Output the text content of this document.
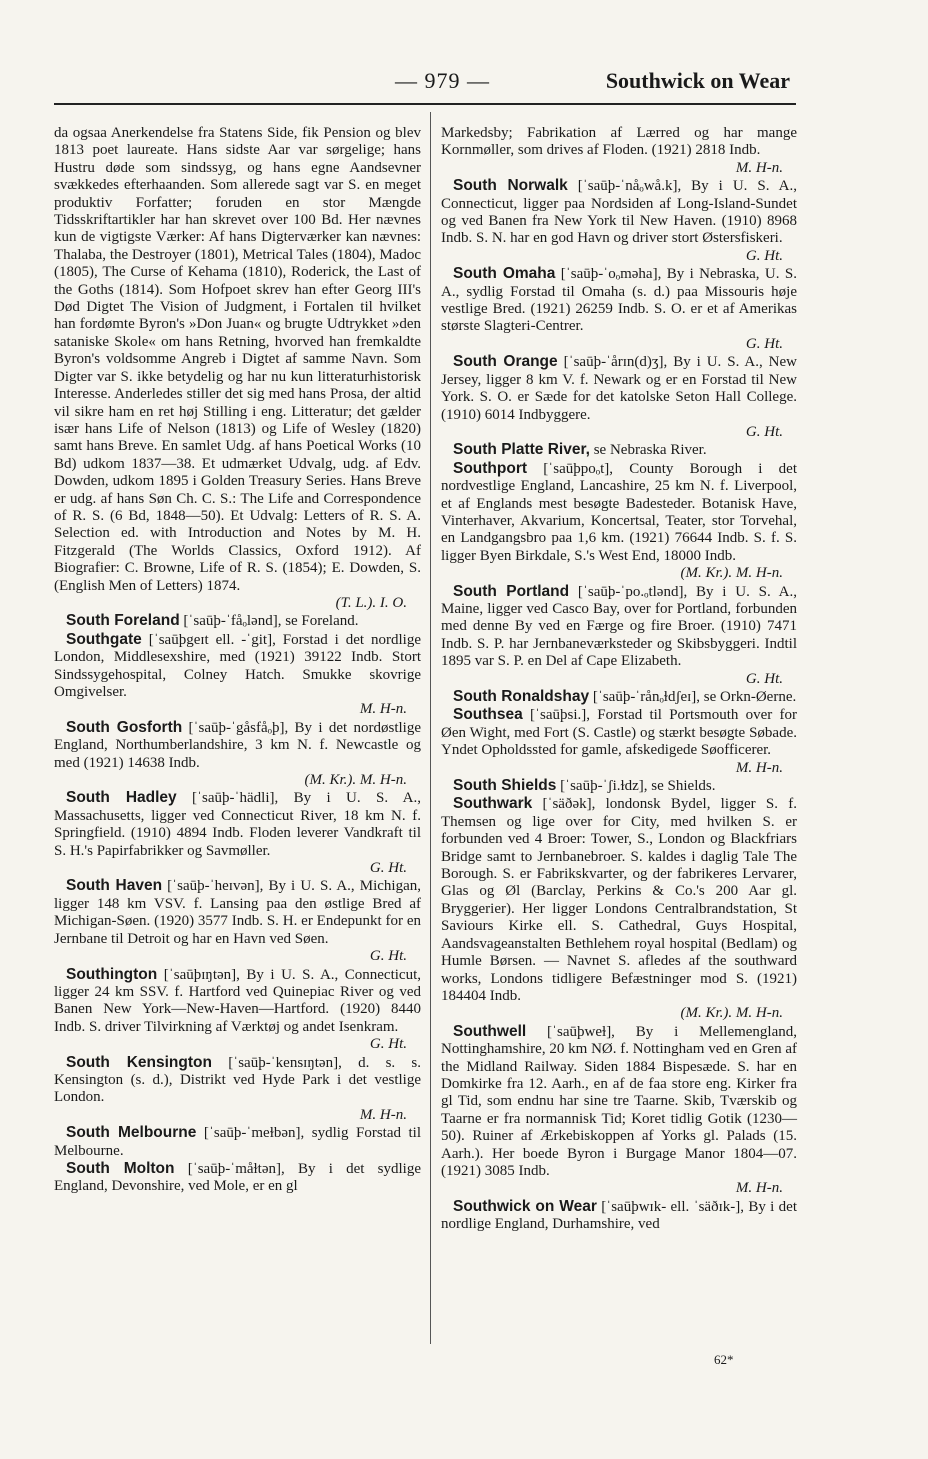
— 979 —	Southwick on Wear

da ogsaa Anerkendelse fra Statens Side, fik Pension og blev 1813 poet laureate. Hans sidste Aar var sørgelige; hans Hustru døde som sindssyg, og hans egne Aandsevner svækkedes efterhaanden. Som allerede sagt var S. en meget produktiv Forfatter; foruden en stor Mængde Tidsskriftartikler har han skrevet over 100 Bd. Her nævnes kun de vigtigste Værker: Af hans Digterværker kan nævnes: Thalaba, the Destroyer (1801), Metrical Tales (1804), Madoc (1805), The Curse of Kehama (1810), Roderick, the Last of the Goths (1814). Som Hofpoet skrev han efter Georg III's Død Digtet The Vision of Judgment, i Fortalen til hvilket han fordømte Byron's »Don Juan« og brugte Udtrykket »den sataniske Skole« om hans Retning, hvorved han fremkaldte Byron's voldsomme Angreb i Digtet af samme Navn. Som Digter var S. ikke betydelig og har nu kun litteraturhistorisk Interesse. Anderledes stiller det sig med hans Prosa, der altid vil sikre ham en ret høj Stilling i eng. Litteratur; det gælder især hans Life of Nelson (1813) og Life of Wesley (1820) samt hans Breve. En samlet Udg. af hans Poetical Works (10 Bd) udkom 1837—38. Et udmærket Udvalg, udg. af Edv. Dowden, udkom 1895 i Golden Treasury Series. Hans Breve er udg. af hans Søn Ch. C. S.: The Life and Correspondence of R. S. (6 Bd, 1848—50). Et Udvalg: Letters of R. S. A. Selection ed. with Introduction and Notes by M. H. Fitzgerald (The Worlds Classics, Oxford 1912). Af Biografier: C. Browne, Life of R. S. (1854); E. Dowden, S. (English Men of Letters) 1874.
(T. L.). I. O.

South Foreland [ˈsaūþ-ˈfåₒlənd], se Foreland.

Southgate [ˈsaūþgeɪt ell. -ˈgit], Forstad i det nordlige London, Middlesexshire, med (1921) 39122 Indb. Stort Sindssygehospital, Colney Hatch. Smukke skovrige Omgivelser.
M. H-n.

South Gosforth [ˈsaūþ-ˈgåsfåₒþ], By i det nordøstlige England, Northumberlandshire, 3 km N. f. Newcastle og med (1921) 14638 Indb.
(M. Kr.). M. H-n.

South Hadley [ˈsaūþ-ˈhädli], By i U. S. A., Massachusetts, ligger ved Connecticut River, 18 km N. f. Springfield. (1910) 4894 Indb. Floden leverer Vandkraft til S. H.'s Papirfabrikker og Savmøller.
G. Ht.

South Haven [ˈsaūþ-ˈheɪvən], By i U. S. A., Michigan, ligger 148 km VSV. f. Lansing paa den østlige Bred af Michigan-Søen. (1920) 3577 Indb. S. H. er Endepunkt for en Jernbane til Detroit og har en Havn ved Søen.
G. Ht.

Southington [ˈsaūþɪŋtən], By i U. S. A., Connecticut, ligger 24 km SSV. f. Hartford ved Quinepiac River og ved Banen New York—New-Haven—Hartford. (1920) 8440 Indb. S. driver Tilvirkning af Værktøj og andet Isenkram.
G. Ht.

South Kensington [ˈsaūþ-ˈkensɪŋtən], d. s. s. Kensington (s. d.), Distrikt ved Hyde Park i det vestlige London.
M. H-n.

South Melbourne [ˈsaūþ-ˈmeɫbən], sydlig Forstad til Melbourne.

South Molton [ˈsaūþ-ˈmåɫtən], By i det sydlige England, Devonshire, ved Mole, er en gl

Markedsby; Fabrikation af Lærred og har mange Kornmøller, som drives af Floden. (1921) 2818 Indb.
M. H-n.

South Norwalk [ˈsaūþ-ˈnåₒwå.k], By i U. S. A., Connecticut, ligger paa Nordsiden af Long-Island-Sundet og ved Banen fra New York til New Haven. (1910) 8968 Indb. S. N. har en god Havn og driver stort Østersfiskeri.
G. Ht.

South Omaha [ˈsaūþ-ˈoₒməha], By i Nebraska, U. S. A., sydlig Forstad til Omaha (s. d.) paa Missouris høje vestlige Bred. (1921) 26259 Indb. S. O. er et af Amerikas største Slagteri-Centrer.
G. Ht.

South Orange [ˈsaūþ-ˈårɪn(d)ʒ], By i U. S. A., New Jersey, ligger 8 km V. f. Newark og er en Forstad til New York. S. O. er Sæde for det katolske Seton Hall College. (1910) 6014 Indbyggere.
G. Ht.

South Platte River, se Nebraska River.

Southport [ˈsaūþpoₒt], County Borough i det nordvestlige England, Lancashire, 25 km N. f. Liverpool, et af Englands mest besøgte Badesteder. Botanisk Have, Vinterhaver, Akvarium, Koncertsal, Teater, stor Torvehal, en Landgangsbro paa 1,6 km. (1921) 76644 Indb. S. f. S. ligger Byen Birkdale, S.'s West End, 18000 Indb.
(M. Kr.). M. H-n.

South Portland [ˈsaūþ-ˈpo.ₒtlənd], By i U. S. A., Maine, ligger ved Casco Bay, over for Portland, forbunden med denne By ved en Færge og fire Broer. (1910) 7471 Indb. S. P. har Jernbaneværksteder og Skibsbyggeri. Indtil 1895 var S. P. en Del af Cape Elizabeth.
G. Ht.

South Ronaldshay [ˈsaūþ-ˈrånₒɫdʃeɪ], se Orkn-Øerne.

Southsea [ˈsaūþsi.], Forstad til Portsmouth over for Øen Wight, med Fort (S. Castle) og stærkt besøgte Søbade. Yndet Opholdssted for gamle, afskedigede Søofficerer.
M. H-n.

South Shields [ˈsaūþ-ˈʃi.ɫdz], se Shields.

Southwark [ˈsäðək], londonsk Bydel, ligger S. f. Themsen og lige over for City, med hvilken S. er forbunden ved 4 Broer: Tower, S., London og Blackfriars Bridge samt to Jernbanebroer. S. kaldes i daglig Tale The Borough. S. er Fabrikskvarter, og der fabrikeres Lervarer, Glas og Øl (Barclay, Perkins & Co.'s 200 Aar gl. Bryggerier). Her ligger Londons Centralbrandstation, St Saviours Kirke ell. S. Cathedral, Guys Hospital, Aandsvageanstalten Bethlehem royal hospital (Bedlam) og Humle Børsen. — Navnet S. afledes af the southward works, Londons tidligere Befæstninger mod S. (1921) 184404 Indb.
(M. Kr.). M. H-n.

Southwell [ˈsaūþweɫ], By i Mellemengland, Nottinghamshire, 20 km NØ. f. Nottingham ved en Gren af the Midland Railway. Siden 1884 Bispesæde. S. har en Domkirke fra 12. Aarh., en af de faa store eng. Kirker fra gl Tid, som endnu har sine tre Taarne. Skib, Tværskib og Taarne er fra normannisk Tid; Koret tidlig Gotik (1230—50). Ruiner af Ærkebiskoppen af Yorks gl. Palads (15. Aarh.). Her boede Byron i Burgage Manor 1804—07. (1921) 3085 Indb.
M. H-n.

Southwick on Wear [ˈsaūþwɪk- ell. ˈsäðɪk-], By i det nordlige England, Durhamshire, ved

62*
